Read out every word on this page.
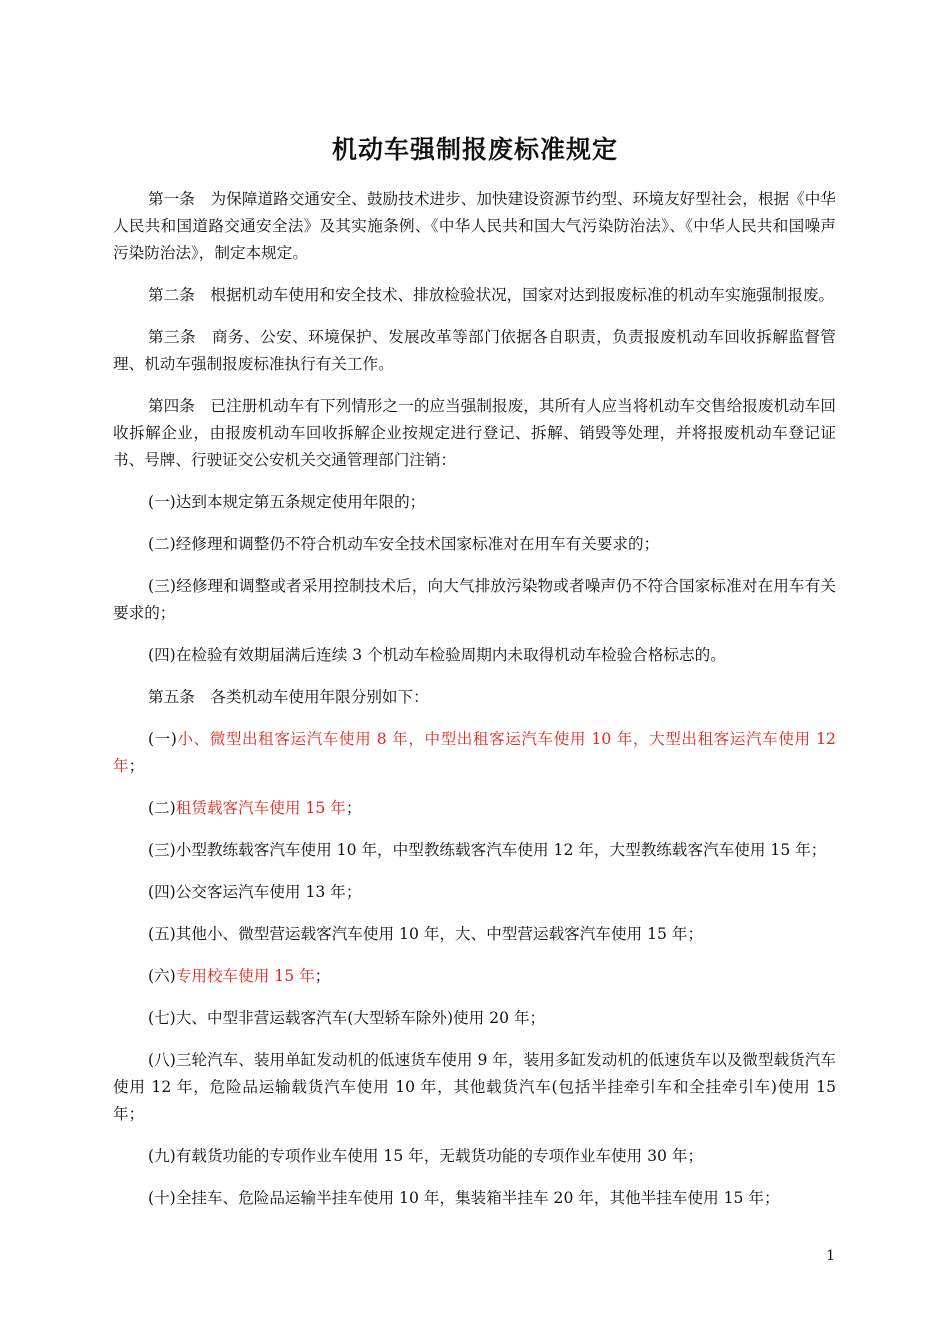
机动车强制报废标准规定

第一条　为保障道路交通安全、鼓励技术进步、加快建设资源节约型、环境友好型社会，根据《中华人民共和国道路交通安全法》及其实施条例、《中华人民共和国大气污染防治法》、《中华人民共和国噪声污染防治法》，制定本规定。

第二条　根据机动车使用和安全技术、排放检验状况，国家对达到报废标准的机动车实施强制报废。

第三条　商务、公安、环境保护、发展改革等部门依据各自职责，负责报废机动车回收拆解监督管理、机动车强制报废标准执行有关工作。

第四条　已注册机动车有下列情形之一的应当强制报废，其所有人应当将机动车交售给报废机动车回收拆解企业，由报废机动车回收拆解企业按规定进行登记、拆解、销毁等处理，并将报废机动车登记证书、号牌、行驶证交公安机关交通管理部门注销：

(一)达到本规定第五条规定使用年限的；

(二)经修理和调整仍不符合机动车安全技术国家标准对在用车有关要求的；

(三)经修理和调整或者采用控制技术后，向大气排放污染物或者噪声仍不符合国家标准对在用车有关要求的；

(四)在检验有效期届满后连续 3 个机动车检验周期内未取得机动车检验合格标志的。

第五条　各类机动车使用年限分别如下：

(一)小、微型出租客运汽车使用 8 年，中型出租客运汽车使用 10 年，大型出租客运汽车使用 12 年；

(二)租赁载客汽车使用 15 年；

(三)小型教练载客汽车使用 10 年，中型教练载客汽车使用 12 年，大型教练载客汽车使用 15 年；

(四)公交客运汽车使用 13 年；

(五)其他小、微型营运载客汽车使用 10 年，大、中型营运载客汽车使用 15 年；

(六)专用校车使用 15 年；

(七)大、中型非营运载客汽车(大型轿车除外)使用 20 年；

(八)三轮汽车、装用单缸发动机的低速货车使用 9 年，装用多缸发动机的低速货车以及微型载货汽车使用 12 年，危险品运输载货汽车使用 10 年，其他载货汽车(包括半挂牵引车和全挂牵引车)使用 15 年；

(九)有载货功能的专项作业车使用 15 年，无载货功能的专项作业车使用 30 年；

(十)全挂车、危险品运输半挂车使用 10 年，集装箱半挂车 20 年，其他半挂车使用 15 年；

1
